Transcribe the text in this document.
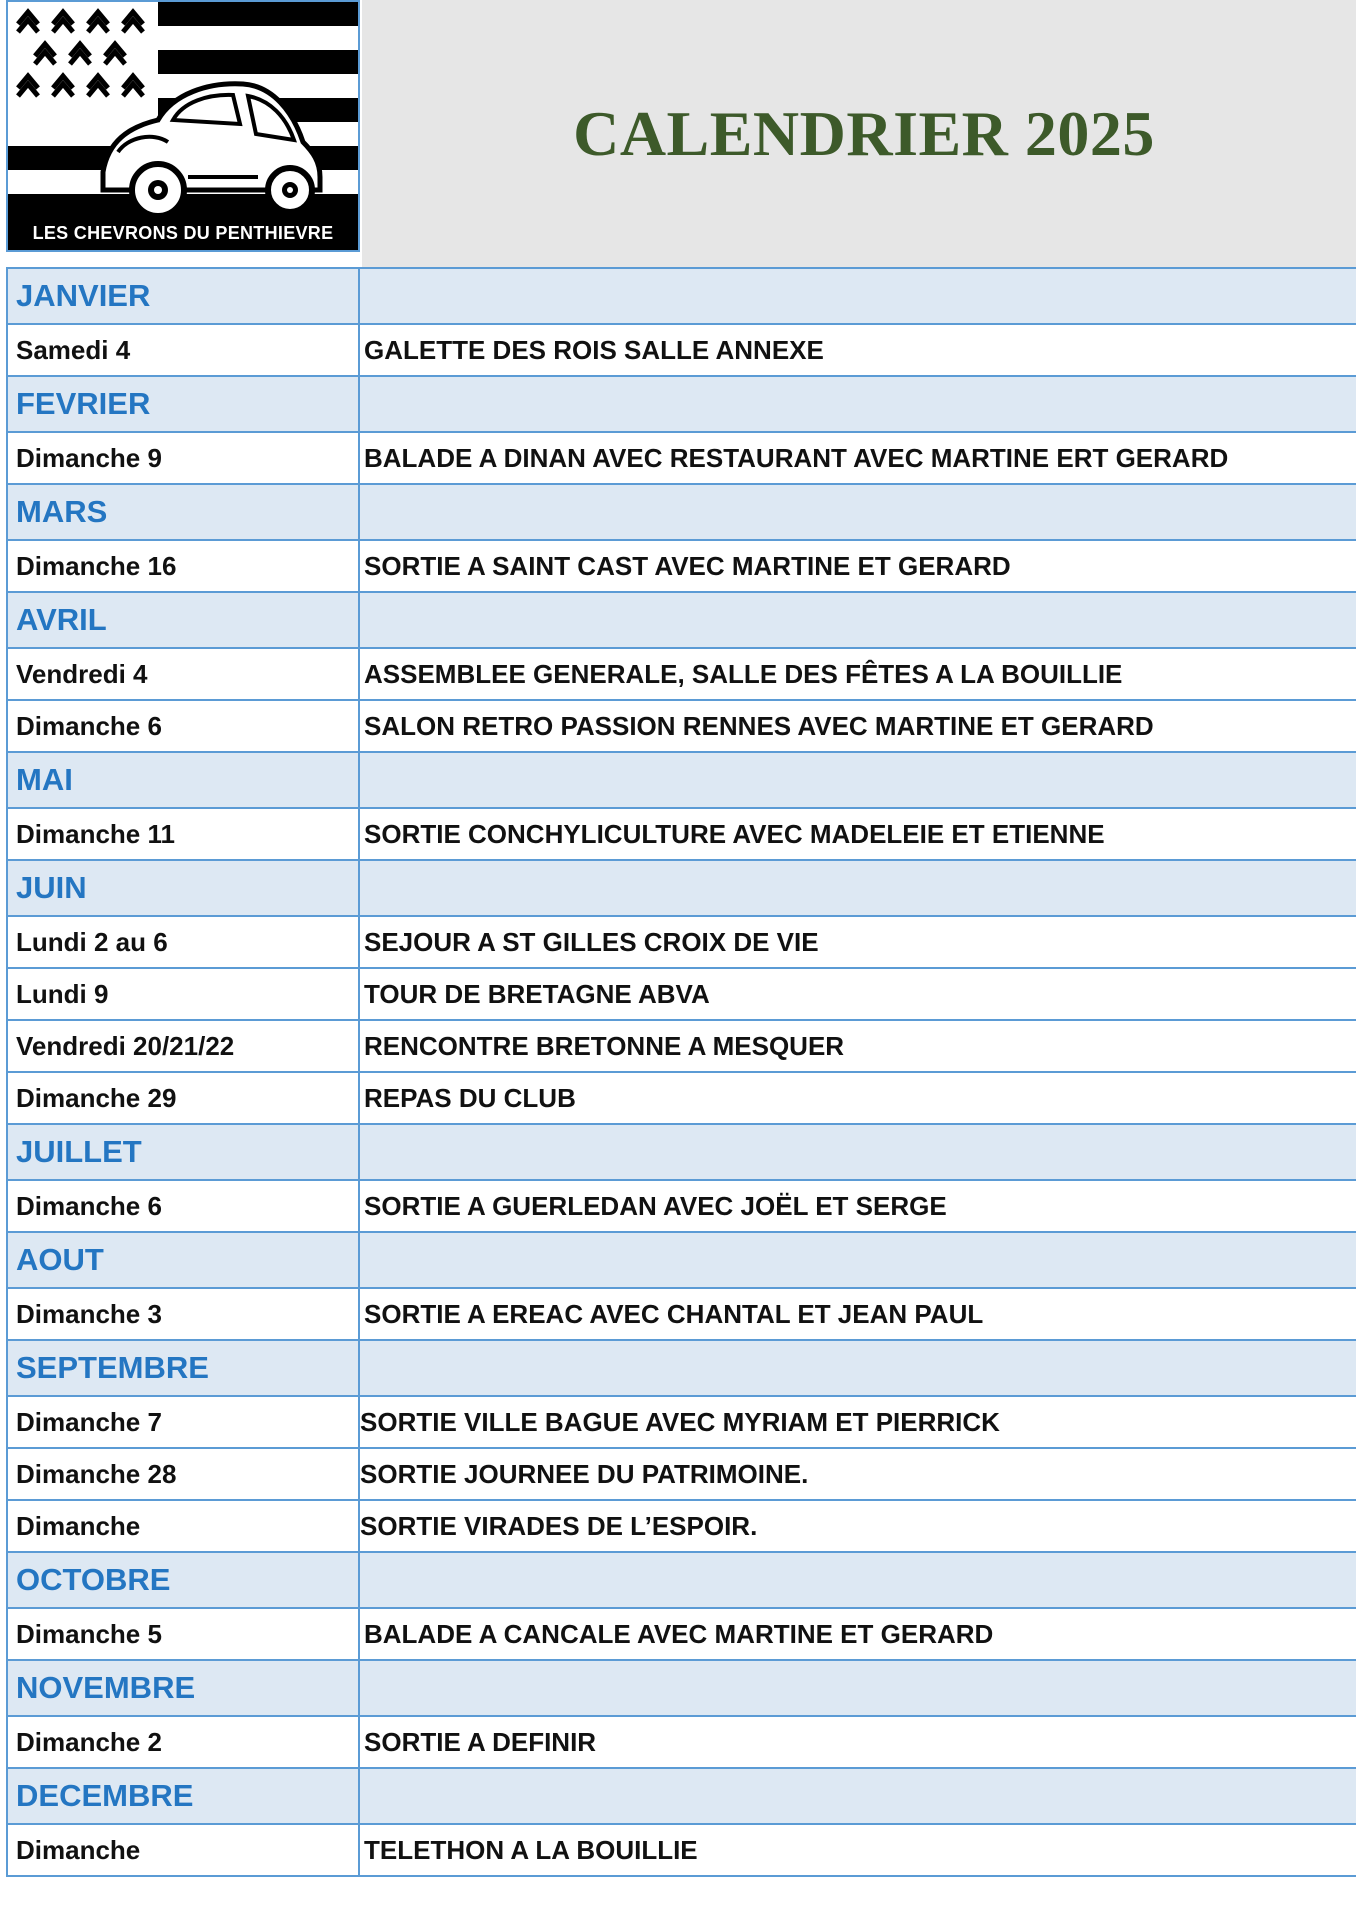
LES CHEVRONS DU PENTHIEVRE
CALENDRIER 2025
JANVIER
Samedi 4	GALETTE DES ROIS SALLE ANNEXE
FEVRIER
Dimanche 9	BALADE A DINAN AVEC RESTAURANT AVEC MARTINE ERT GERARD
MARS
Dimanche 16	SORTIE A SAINT CAST AVEC MARTINE ET GERARD
AVRIL
Vendredi 4	ASSEMBLEE GENERALE, SALLE DES FÊTES A LA BOUILLIE
Dimanche 6	SALON RETRO PASSION RENNES AVEC MARTINE ET GERARD
MAI
Dimanche 11	SORTIE CONCHYLICULTURE AVEC MADELEIE ET ETIENNE
JUIN
Lundi 2 au 6	SEJOUR A ST GILLES CROIX DE VIE
Lundi 9	TOUR DE BRETAGNE ABVA
Vendredi 20/21/22	RENCONTRE BRETONNE A MESQUER
Dimanche 29	REPAS DU CLUB
JUILLET
Dimanche 6	SORTIE A GUERLEDAN AVEC JOËL ET SERGE
AOUT
Dimanche 3	SORTIE A EREAC AVEC CHANTAL ET JEAN PAUL
SEPTEMBRE
Dimanche 7	SORTIE VILLE BAGUE AVEC MYRIAM ET PIERRICK
Dimanche 28	SORTIE JOURNEE DU PATRIMOINE.
Dimanche	SORTIE VIRADES DE L’ESPOIR.
OCTOBRE
Dimanche 5	BALADE A CANCALE AVEC MARTINE ET GERARD
NOVEMBRE
Dimanche 2	SORTIE A DEFINIR
DECEMBRE
Dimanche	TELETHON A LA BOUILLIE
